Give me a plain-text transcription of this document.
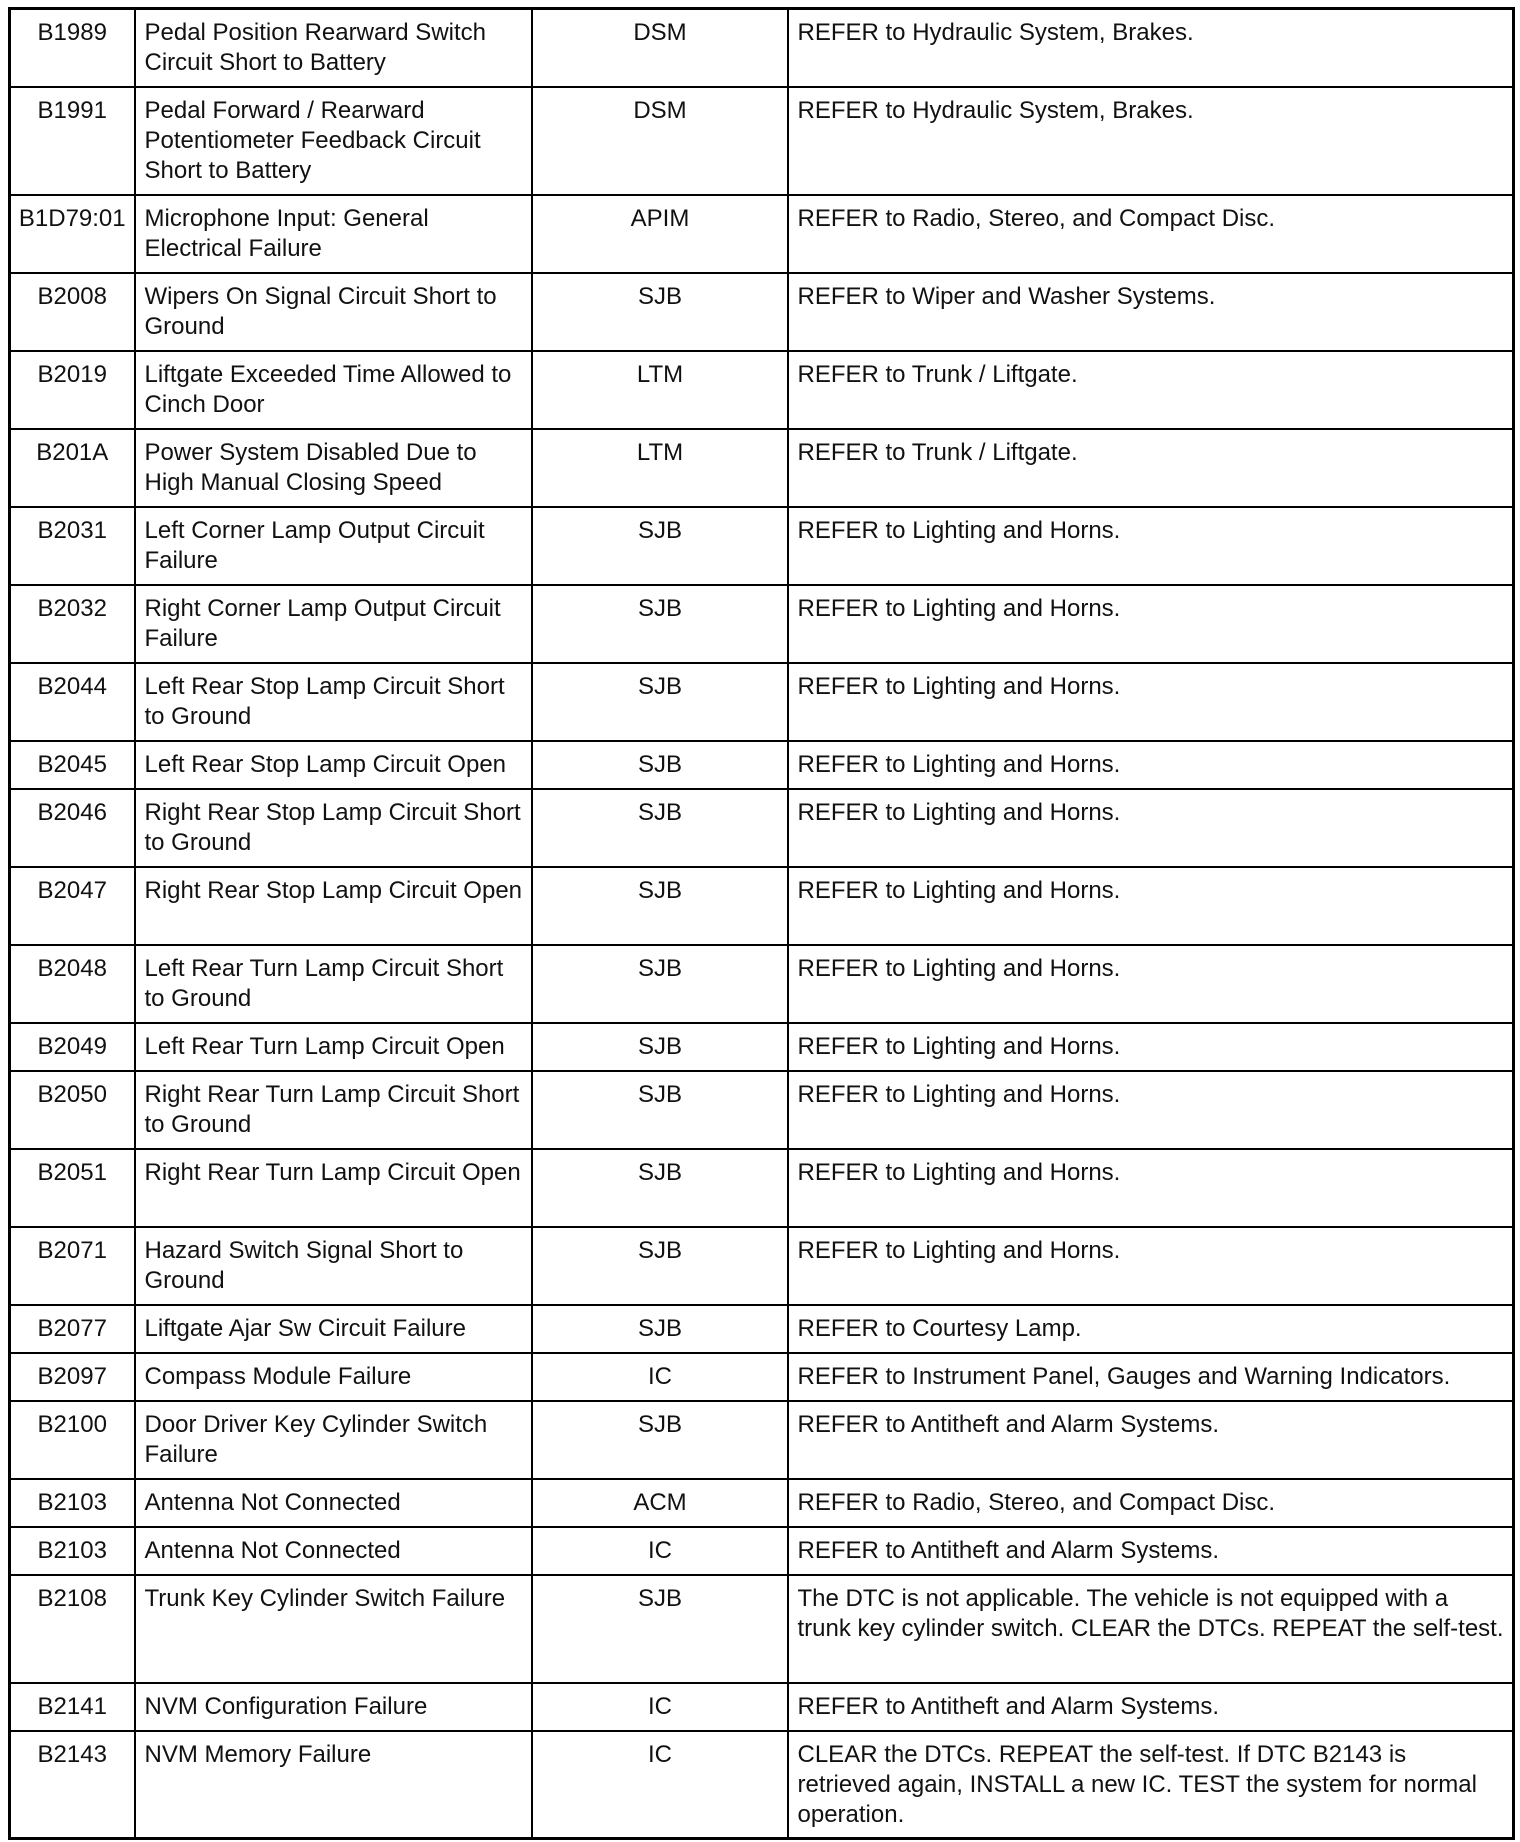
B1989	Pedal Position Rearward Switch Circuit Short to Battery	DSM	REFER to Hydraulic System, Brakes.
B1991	Pedal Forward / Rearward Potentiometer Feedback Circuit Short to Battery	DSM	REFER to Hydraulic System, Brakes.
B1D79:01	Microphone Input: General Electrical Failure	APIM	REFER to Radio, Stereo, and Compact Disc.
B2008	Wipers On Signal Circuit Short to Ground	SJB	REFER to Wiper and Washer Systems.
B2019	Liftgate Exceeded Time Allowed to Cinch Door	LTM	REFER to Trunk / Liftgate.
B201A	Power System Disabled Due to High Manual Closing Speed	LTM	REFER to Trunk / Liftgate.
B2031	Left Corner Lamp Output Circuit Failure	SJB	REFER to Lighting and Horns.
B2032	Right Corner Lamp Output Circuit Failure	SJB	REFER to Lighting and Horns.
B2044	Left Rear Stop Lamp Circuit Short to Ground	SJB	REFER to Lighting and Horns.
B2045	Left Rear Stop Lamp Circuit Open	SJB	REFER to Lighting and Horns.
B2046	Right Rear Stop Lamp Circuit Short to Ground	SJB	REFER to Lighting and Horns.
B2047	Right Rear Stop Lamp Circuit Open	SJB	REFER to Lighting and Horns.
B2048	Left Rear Turn Lamp Circuit Short to Ground	SJB	REFER to Lighting and Horns.
B2049	Left Rear Turn Lamp Circuit Open	SJB	REFER to Lighting and Horns.
B2050	Right Rear Turn Lamp Circuit Short to Ground	SJB	REFER to Lighting and Horns.
B2051	Right Rear Turn Lamp Circuit Open	SJB	REFER to Lighting and Horns.
B2071	Hazard Switch Signal Short to Ground	SJB	REFER to Lighting and Horns.
B2077	Liftgate Ajar Sw Circuit Failure	SJB	REFER to Courtesy Lamp.
B2097	Compass Module Failure	IC	REFER to Instrument Panel, Gauges and Warning Indicators.
B2100	Door Driver Key Cylinder Switch Failure	SJB	REFER to Antitheft and Alarm Systems.
B2103	Antenna Not Connected	ACM	REFER to Radio, Stereo, and Compact Disc.
B2103	Antenna Not Connected	IC	REFER to Antitheft and Alarm Systems.
B2108	Trunk Key Cylinder Switch Failure	SJB	The DTC is not applicable. The vehicle is not equipped with a trunk key cylinder switch. CLEAR the DTCs. REPEAT the self-test.
B2141	NVM Configuration Failure	IC	REFER to Antitheft and Alarm Systems.
B2143	NVM Memory Failure	IC	CLEAR the DTCs. REPEAT the self-test. If DTC B2143 is retrieved again, INSTALL a new IC. TEST the system for normal operation.
